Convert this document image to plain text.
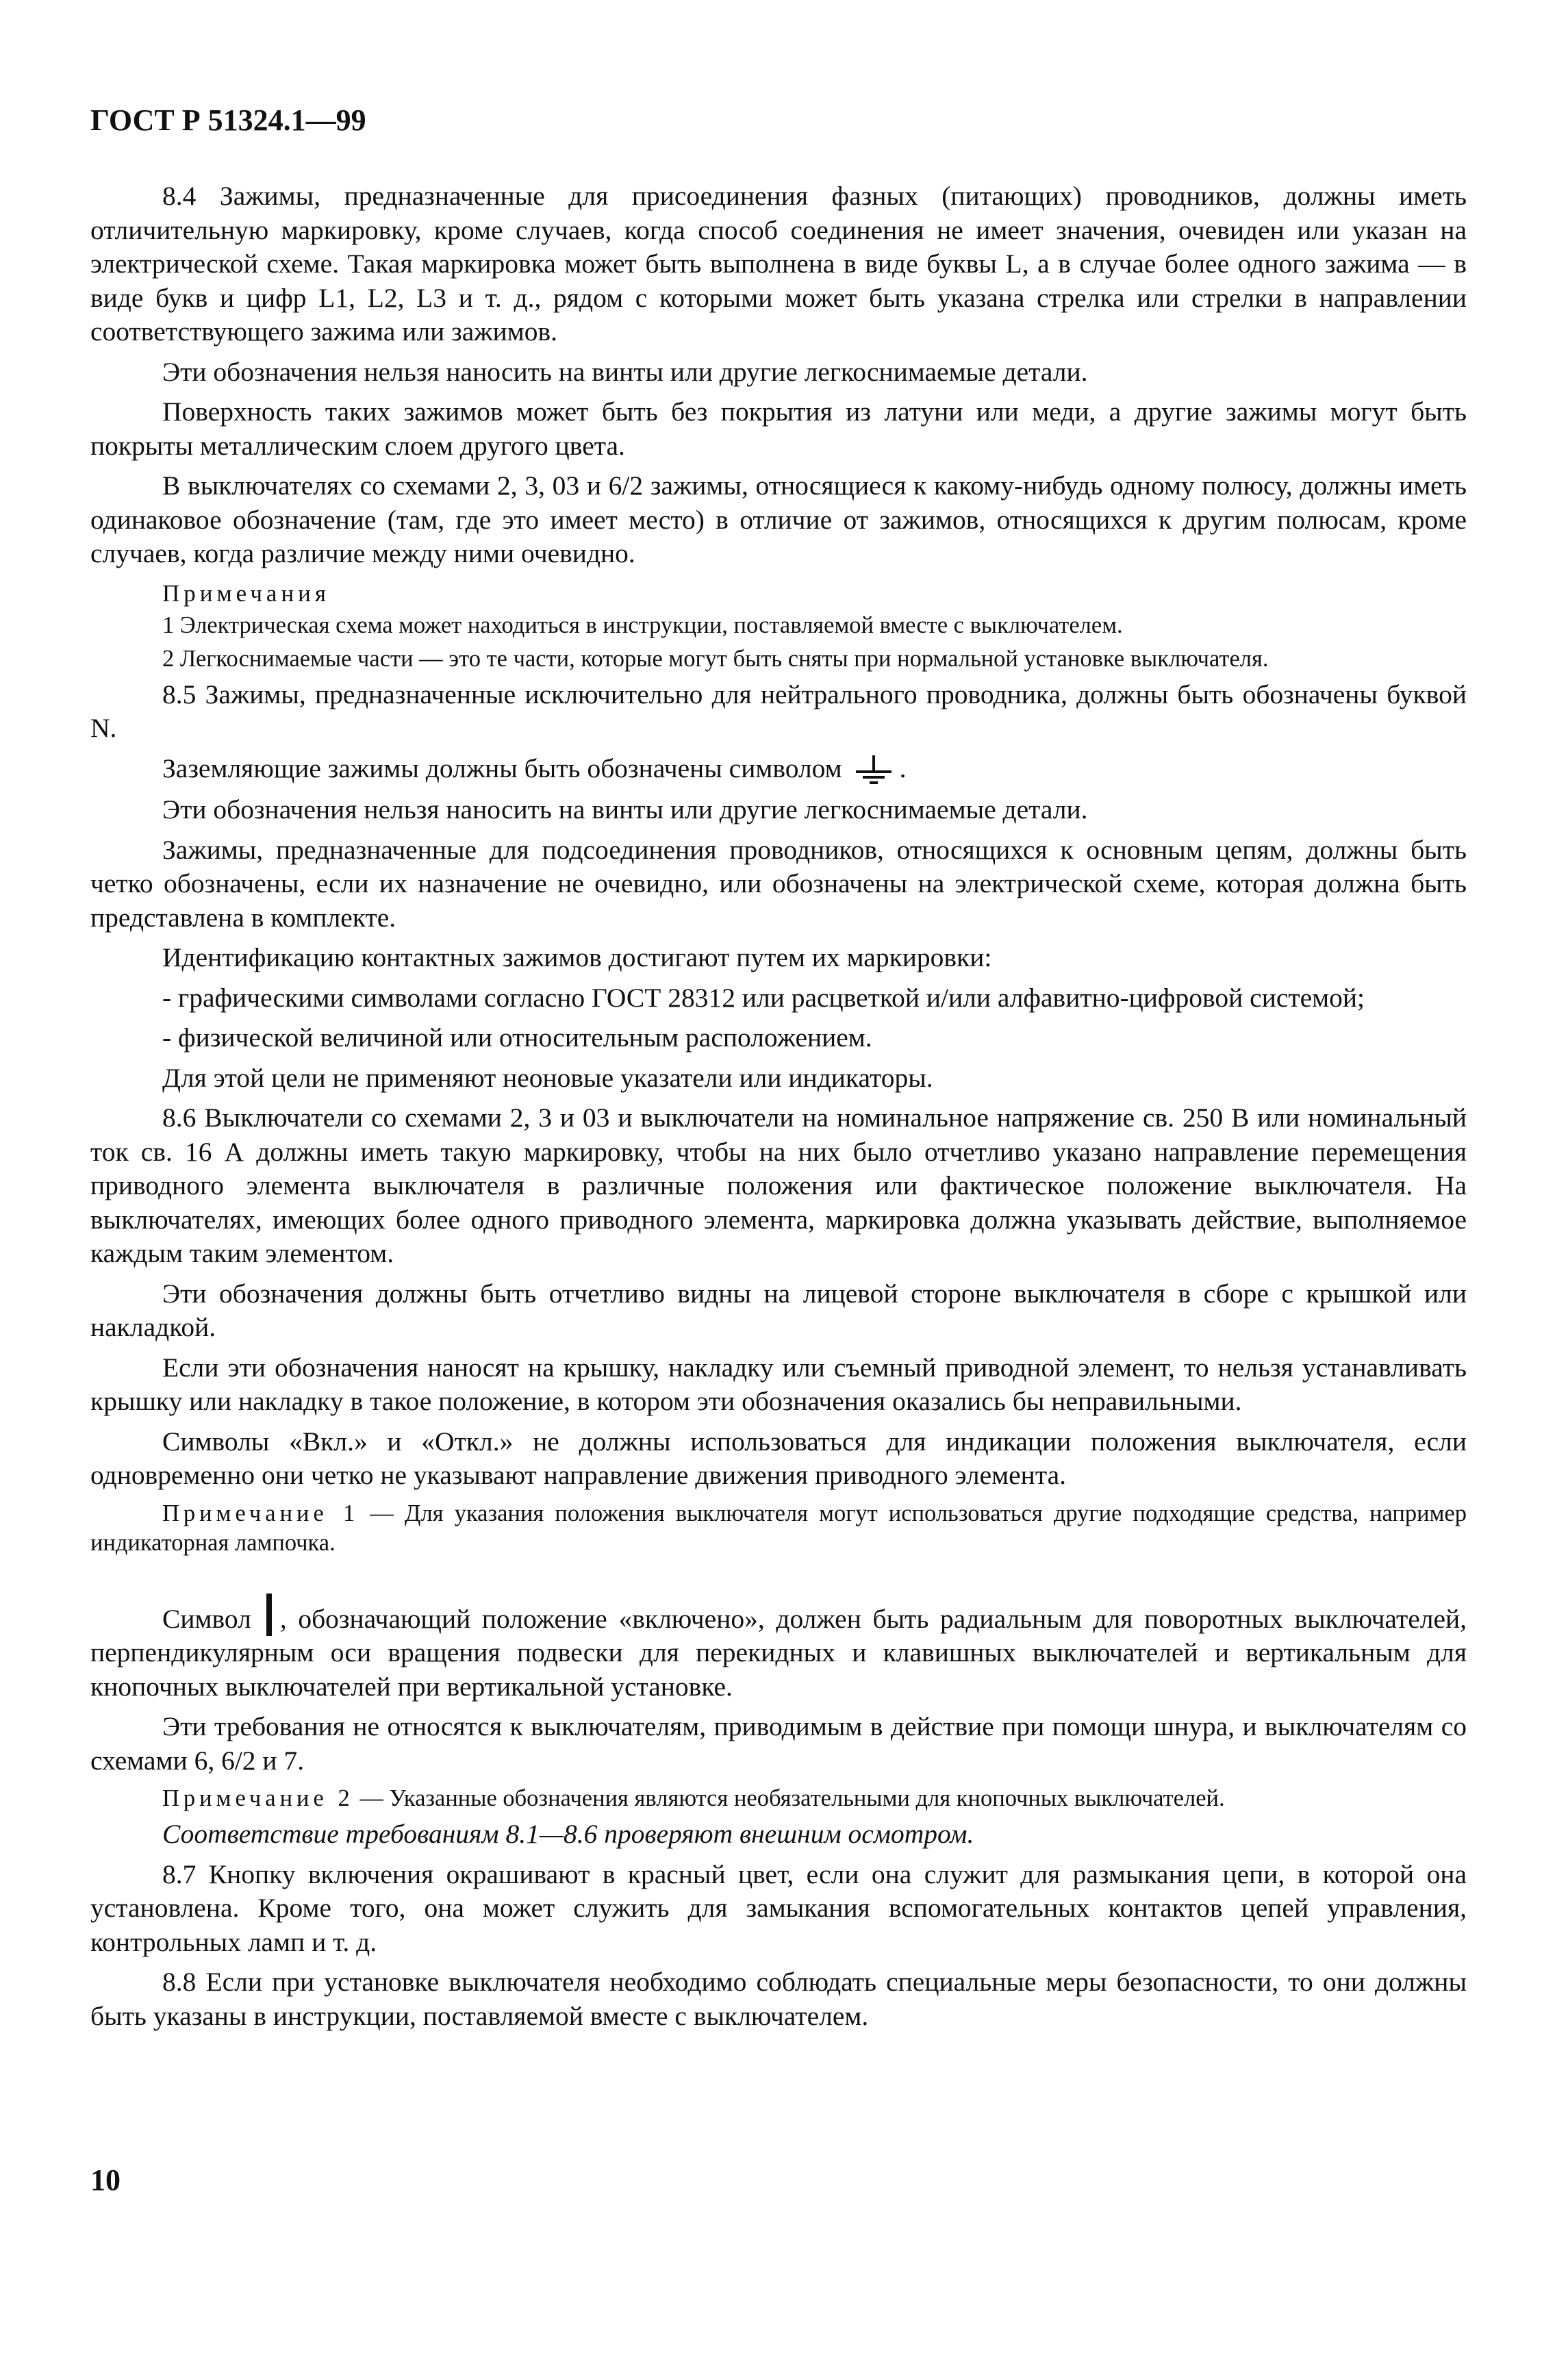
ГОСТ Р 51324.1—99

8.4 Зажимы, предназначенные для присоединения фазных (питающих) проводников, должны иметь отличительную маркировку, кроме случаев, когда способ соединения не имеет значения, очевиден или указан на электрической схеме. Такая маркировка может быть выполнена в виде буквы L, а в случае более одного зажима — в виде букв и цифр L1, L2, L3 и т. д., рядом с которыми может быть указана стрелка или стрелки в направлении соответствующего зажима или зажимов.

Эти обозначения нельзя наносить на винты или другие легкоснимаемые детали.

Поверхность таких зажимов может быть без покрытия из латуни или меди, а другие зажимы могут быть покрыты металлическим слоем другого цвета.

В выключателях со схемами 2, 3, 03 и 6/2 зажимы, относящиеся к какому-нибудь одному полюсу, должны иметь одинаковое обозначение (там, где это имеет место) в отличие от зажимов, относящихся к другим полюсам, кроме случаев, когда различие между ними очевидно.

Примечания

1 Электрическая схема может находиться в инструкции, поставляемой вместе с выключателем.

2 Легкоснимаемые части — это те части, которые могут быть сняты при нормальной установке выключателя.

8.5 Зажимы, предназначенные исключительно для нейтрального проводника, должны быть обозначены буквой N.

Заземляющие зажимы должны быть обозначены символом .

Эти обозначения нельзя наносить на винты или другие легкоснимаемые детали.

Зажимы, предназначенные для подсоединения проводников, относящихся к основным цепям, должны быть четко обозначены, если их назначение не очевидно, или обозначены на электрической схеме, которая должна быть представлена в комплекте.

Идентификацию контактных зажимов достигают путем их маркировки:

- графическими символами согласно ГОСТ 28312 или расцветкой и/или алфавитно-цифровой системой;

- физической величиной или относительным расположением.

Для этой цели не применяют неоновые указатели или индикаторы.

8.6 Выключатели со схемами 2, 3 и 03 и выключатели на номинальное напряжение св. 250 В или номинальный ток св. 16 А должны иметь такую маркировку, чтобы на них было отчетливо указано направление перемещения приводного элемента выключателя в различные положения или фактическое положение выключателя. На выключателях, имеющих более одного приводного элемента, маркировка должна указывать действие, выполняемое каждым таким элементом.

Эти обозначения должны быть отчетливо видны на лицевой стороне выключателя в сборе с крышкой или накладкой.

Если эти обозначения наносят на крышку, накладку или съемный приводной элемент, то нельзя устанавливать крышку или накладку в такое положение, в котором эти обозначения оказались бы неправильными.

Символы «Вкл.» и «Откл.» не должны использоваться для индикации положения выключателя, если одновременно они четко не указывают направление движения приводного элемента.

Примечание 1 — Для указания положения выключателя могут использоваться другие подходящие средства, например индикаторная лампочка.

Символ , обозначающий положение «включено», должен быть радиальным для поворотных выключателей, перпендикулярным оси вращения подвески для перекидных и клавишных выключателей и вертикальным для кнопочных выключателей при вертикальной установке.

Эти требования не относятся к выключателям, приводимым в действие при помощи шнура, и выключателям со схемами 6, 6/2 и 7.

Примечание 2 — Указанные обозначения являются необязательными для кнопочных выключателей.

Соответствие требованиям 8.1—8.6 проверяют внешним осмотром.

8.7 Кнопку включения окрашивают в красный цвет, если она служит для размыкания цепи, в которой она установлена. Кроме того, она может служить для замыкания вспомогательных контактов цепей управления, контрольных ламп и т. д.

8.8 Если при установке выключателя необходимо соблюдать специальные меры безопасности, то они должны быть указаны в инструкции, поставляемой вместе с выключателем.

10
